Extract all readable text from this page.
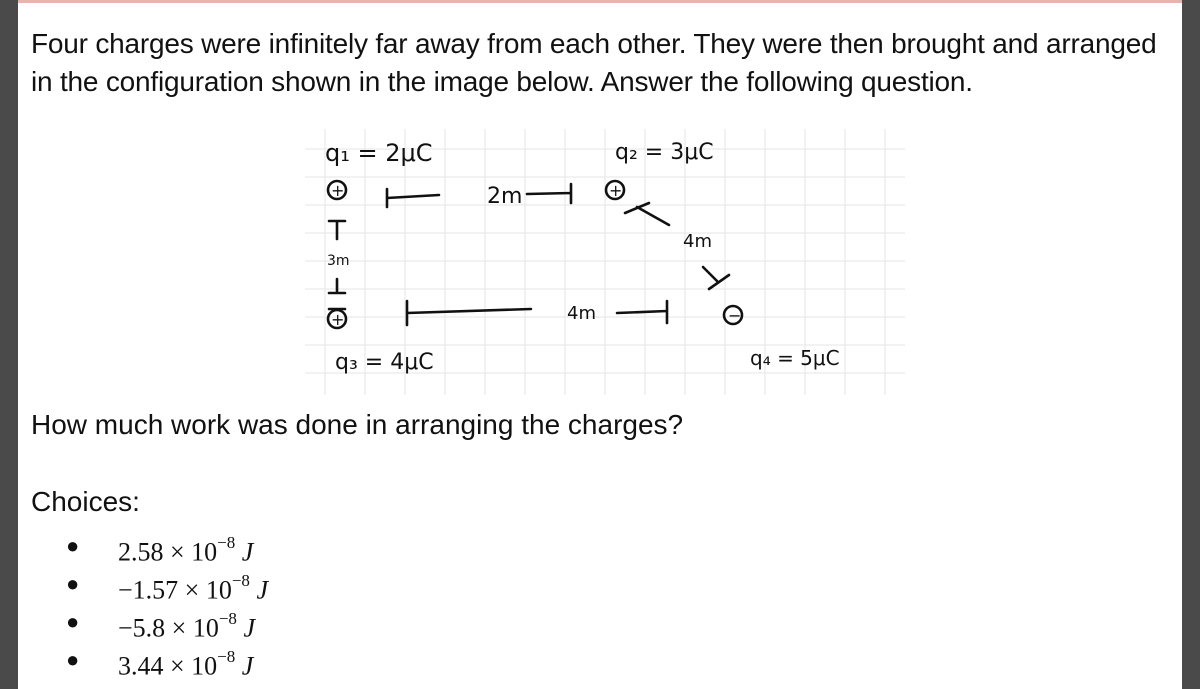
Four charges were infinitely far away from each other. They were then brought and arranged in the configuration shown in the image below. Answer the following question.
q₁ = 2μC	q₂ = 3μC
q₃ = 4μC	q₄ = 5μC
+	+
+	−
2m
3m
4m
4m
How much work was done in arranging the charges?
Choices:
● $2.58 \times 10^{-8}$ J
● $-1.57 \times 10^{-8}$ J
● $-5.8 \times 10^{-8}$ J
● $3.44 \times 10^{-8}$ J
